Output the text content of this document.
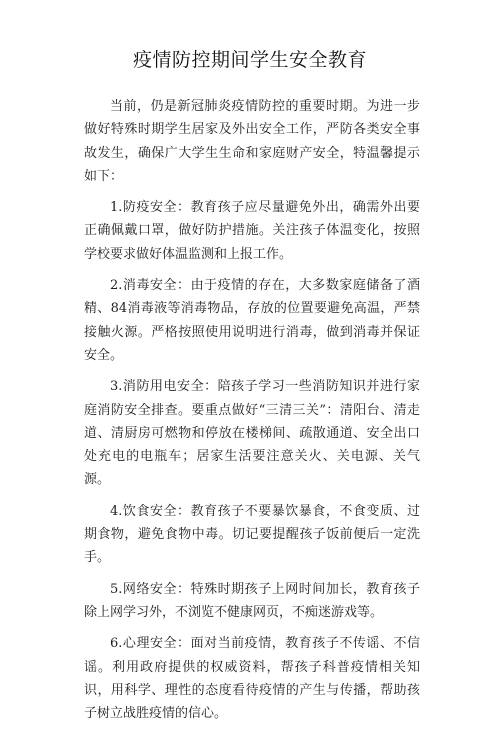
疫情防控期间学生安全教育

当前，仍是新冠肺炎疫情防控的重要时期。为进一步做好特殊时期学生居家及外出安全工作，严防各类安全事故发生，确保广大学生生命和家庭财产安全，特温馨提示如下：

1.防疫安全：教育孩子应尽量避免外出，确需外出要正确佩戴口罩，做好防护措施。关注孩子体温变化，按照学校要求做好体温监测和上报工作。

2.消毒安全：由于疫情的存在，大多数家庭储备了酒精、84消毒液等消毒物品，存放的位置要避免高温，严禁接触火源。严格按照使用说明进行消毒，做到消毒并保证安全。

3.消防用电安全：陪孩子学习一些消防知识并进行家庭消防安全排查。要重点做好“三清三关”：清阳台、清走道、清厨房可燃物和停放在楼梯间、疏散通道、安全出口处充电的电瓶车；居家生活要注意关火、关电源、关气源。

4.饮食安全：教育孩子不要暴饮暴食，不食变质、过期食物，避免食物中毒。切记要提醒孩子饭前便后一定洗手。

5.网络安全：特殊时期孩子上网时间加长，教育孩子除上网学习外，不浏览不健康网页，不痴迷游戏等。

6.心理安全：面对当前疫情，教育孩子不传谣、不信谣。利用政府提供的权威资料，帮孩子科普疫情相关知识，用科学、理性的态度看待疫情的产生与传播，帮助孩子树立战胜疫情的信心。
